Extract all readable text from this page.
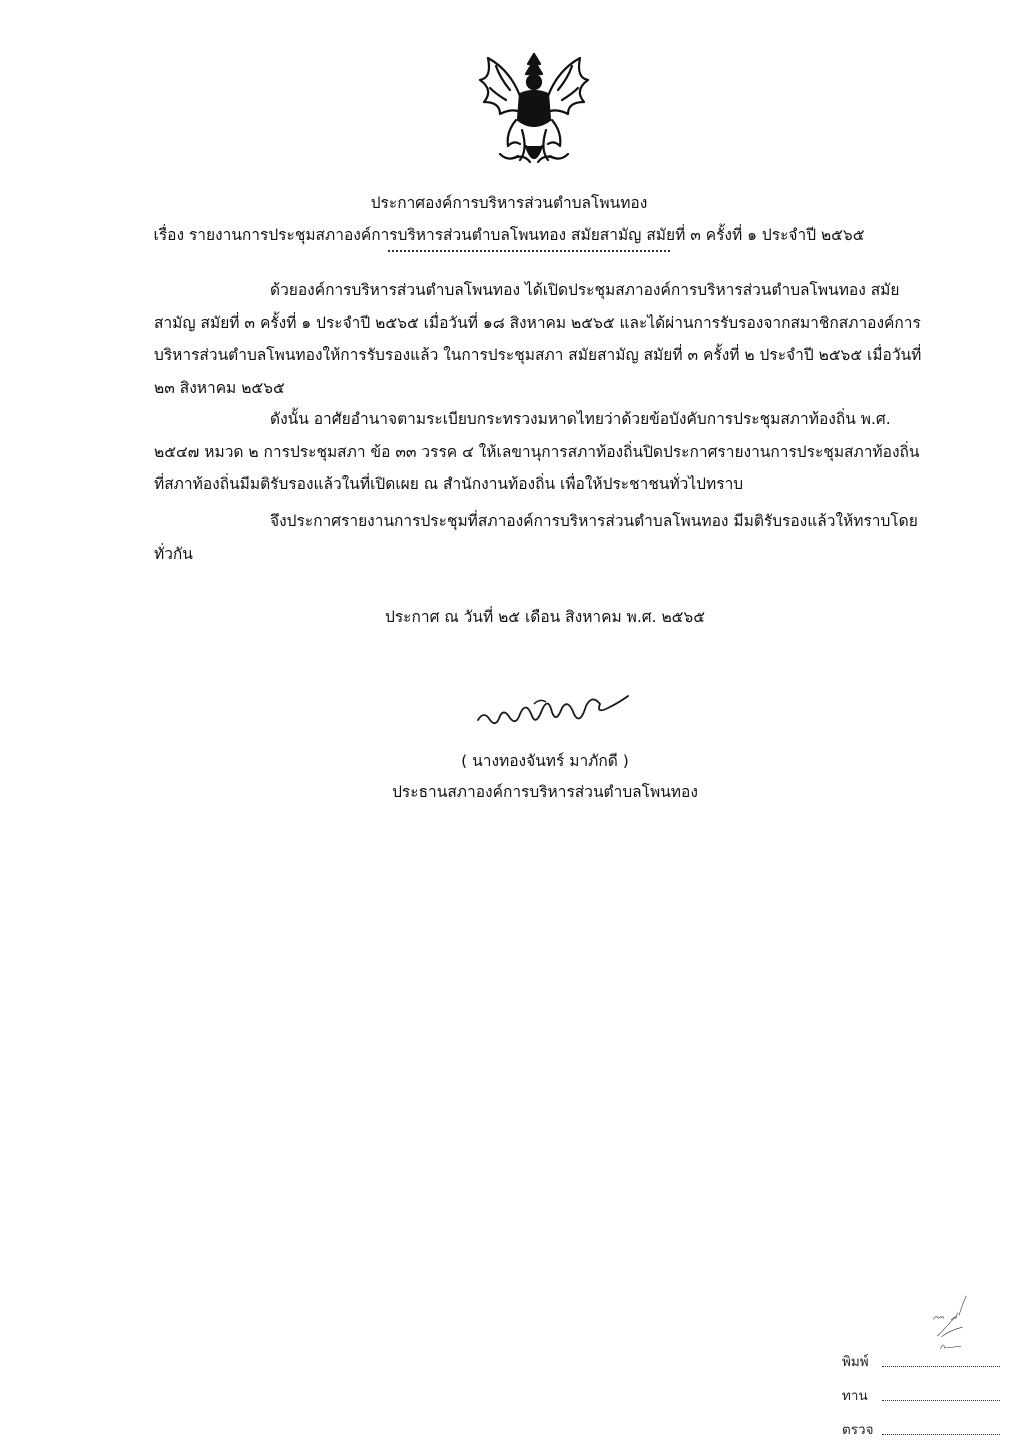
ประกาศองค์การบริหารส่วนตำบลโพนทอง
เรื่อง รายงานการประชุมสภาองค์การบริหารส่วนตำบลโพนทอง สมัยสามัญ สมัยที่ ๓ ครั้งที่ ๑ ประจำปี ๒๕๖๕

ด้วยองค์การบริหารส่วนตำบลโพนทอง ได้เปิดประชุมสภาองค์การบริหารส่วนตำบลโพนทอง สมัยสามัญ สมัยที่ ๓ ครั้งที่ ๑ ประจำปี ๒๕๖๕ เมื่อวันที่ ๑๘ สิงหาคม ๒๕๖๕ และได้ผ่านการรับรองจากสมาชิกสภาองค์การบริหารส่วนตำบลโพนทองให้การรับรองแล้ว ในการประชุมสภา สมัยสามัญ สมัยที่ ๓ ครั้งที่ ๒ ประจำปี ๒๕๖๕ เมื่อวันที่ ๒๓ สิงหาคม ๒๕๖๕

ดังนั้น อาศัยอำนาจตามระเบียบกระทรวงมหาดไทยว่าด้วยข้อบังคับการประชุมสภาท้องถิ่น พ.ศ. ๒๕๔๗ หมวด ๒ การประชุมสภา ข้อ ๓๓ วรรค ๔ ให้เลขานุการสภาท้องถิ่นปิดประกาศรายงานการประชุมสภาท้องถิ่นที่สภาท้องถิ่นมีมติรับรองแล้วในที่เปิดเผย ณ สำนักงานท้องถิ่น เพื่อให้ประชาชนทั่วไปทราบ

จึงประกาศรายงานการประชุมที่สภาองค์การบริหารส่วนตำบลโพนทอง มีมติรับรองแล้วให้ทราบโดยทั่วกัน

ประกาศ ณ วันที่ ๒๕ เดือน สิงหาคม พ.ศ. ๒๕๖๕
( นางทองจันทร์ มาภักดี )
ประธานสภาองค์การบริหารส่วนตำบลโพนทอง
พิมพ์
ทาน
ตรวจ
